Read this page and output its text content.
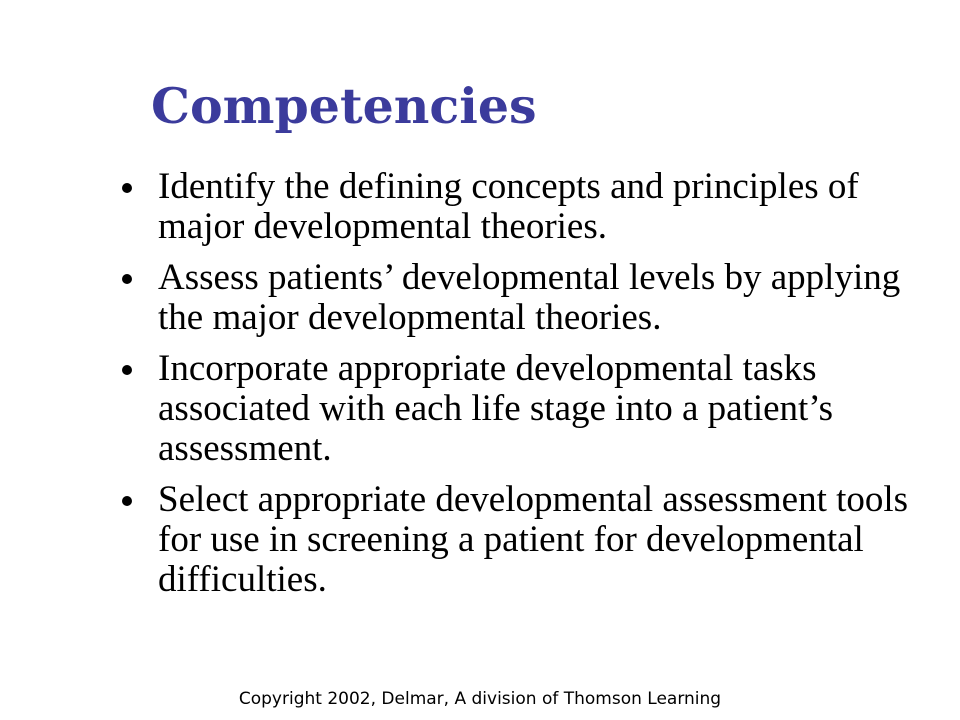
Competencies
Identify the defining concepts and principles of major developmental theories.
Assess patients’ developmental levels by applying the major developmental theories.
Incorporate appropriate developmental tasks associated with each life stage into a patient’s assessment.
Select appropriate developmental assessment tools for use in screening a patient for developmental difficulties.
Copyright 2002, Delmar, A division of Thomson Learning
